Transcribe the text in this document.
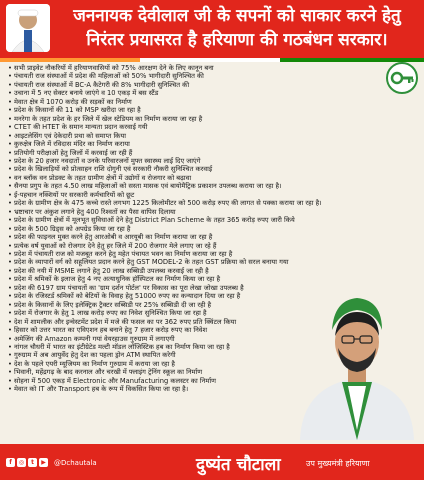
जननायक देवीलाल जी के सपनों को साकार करने हेतु
निरंतर प्रयासरत है हरियाणा की गठबंधन सरकार।
• सभी प्राइवेट नौकरियों में हरियाणवासियों को 75% आरक्षण देने के लिए कानून बना
• पंचायती राज संस्थाओं में प्रदेश की महिलाओं को 50% भागीदारी सुनिश्चित की
• पंचायती राज संस्थाओं में BC-A कैटेगरी की 8% भागीदारी सुनिश्चित की
• उचाना में 5 नए सेक्टर बनाये जाएंगे व 10 एकड़ में बस स्टैंड
• मेवात क्षेत्र में 1070 करोड़ की सड़कों का निर्माण
• प्रदेश के किसानों की 11 को MSP खरीदा जा रहा है
• मनरेगा के तहत प्रदेश के हर जिले में खेल स्टेडियम का निर्माण कराया जा रहा है
• CTET की HTET के समान मान्यता प्रदान करवाई गयी
• आइटलेसिंग एवं देकेदारी प्रथा को समाप्त किया
• कुरुक्षेत्र जिले में रविदास मंदिर का निर्माण कराया
• प्रतियोगी परीक्षाओं हेतु जिलों में करवाई जा रही हैं
• प्रदेश के 20 हजार नवदातों व उनके परिवारजनों मुफ्त स्वास्थ्य लाई दिए जाएंगे
• प्रदेश के खिलाड़ियों को प्रोत्साहन राशि दोगुनी एवं सरकारी नौकरी सुनिश्चित करवाई
• वन ब्लॉक वन प्रोडक्ट के तहत ग्रामीण क्षेत्रों में उद्योगों व रोजगार को बढ़ावा
• सैनया प्रगुप के तहत 4.50 लाख महिलाओं को सस्ता मासक एवं बायोमैट्रिक प्रकाशन उपलब्ध कराया जा रहा है।
• ई-पहचान नक्शियों पर सरकारी कर्मचारियों को छूट
• प्रदेश के ग्रामीण क्षेत्र के 475 कच्चे रास्ते लगभग 1225 किलोमीटर को 500 करोड़ रुपए की लागत से पक्का कराया जा रहा है।
• भ्रष्टाचार पर अंकुश लगाने हेतु 400 रिश्वतों का पैसा वापिस दिलाया
• प्रदेश के ग्रामीण क्षेत्रों में मूलभूत सुविधाओं देने हेतु District Plan Scheme के तहत 365 करोड़ रुपए जारी किये
• प्रदेश के 500 ग्रिड्स को अपग्रेड किया जा रहा है
• प्रदेश की फाइनल मुक्त करने हेतु आरओबी व आरयूबी का निर्माण कराया जा रहा है
• प्रत्येक वर्ष युवाओं को रोजगार देने हेतु हर जिले में 200 रोजगार मेले लगाए जा रहे हैं
• प्रदेश में पंचायती राज को मजबूत करने हेतु महेत पंचायत भवन का निर्माण कराया जा रहा है
• प्रदेश के व्यापारों वर्ग को सहूलियत प्रदान करने हेतु GST MODEL-2 के तहत GST प्रक्रिया को सरल बनाया गया
• प्रदेश की नयी में MSME लगाने हेतु 20 लाख सब्सिडी उपलब्ध करवाई जा रही है
• प्रदेश में श्रमिकों के इलाज हेतु 4 नए अत्याधुनिक हॉस्पिटल का निर्माण किया जा रहा है
• प्रदेश की 6197 ग्राम पंचायतों का 'ग्राम दर्शन पोर्टल' पर विकास का पूरा लेखा जोखा उपलब्ध है
• प्रदेश के रजिस्टर्ड श्रमिकों को बेटियों के विवाह हेतु 51000 रुपए का कन्यादान दिया जा रहा है
• प्रदेश के किसानों के लिए इलेक्ट्रिक ट्रैक्टर सब्सिडी पर 25% सब्सिडी दी जा रही है
• प्रदेश में रोजगार के हेतु 1 लाख करोड़ रुपए का निवेश सुनिश्चित किया जा रहा है
• देश में शामलीक और इन्वेस्टमेंट प्रदेश में मजे की फसल का पर 362 रुपए प्रति क्विंटल किया
• हिसार को उत्तर भारत का एविएशन हब बनाने हेतु 7 हजार करोड़ रुपए का निवेश
• अमेजिंग की Amazon कम्पनी गयां वेयरहाउस गुरुग्राम में लगाएगी
• नांगल चौधरी में भारत का इंटीग्रेटेड मल्टी मॉडल लॉजिस्टिक हब का निर्माण किया जा रहा है
• गुरुग्राम में अब आयुर्वेद हेतु देश का पहला ड्रोन ATM स्थापित करेगी
• देश के पहले एयरी म्यूजियम का निर्माण गुरुग्राम में कराया जा रहा है
• भिवानी, महेंद्रगढ़ के बाद करनाल और चरखी में फ्लाइंग ट्रेनिंग स्कूल का निर्माण
• सोहना में 500 एकड़ में Electronic और Manufacturing कलस्टर का निर्माण
• मेवात को IT और Transport हब के रूप में विकसित किया जा रहा है।
f	◎	t	▶	@Dchautala	दुष्यंत चौटाला	उप मुख्यमंत्री हरियाणा
